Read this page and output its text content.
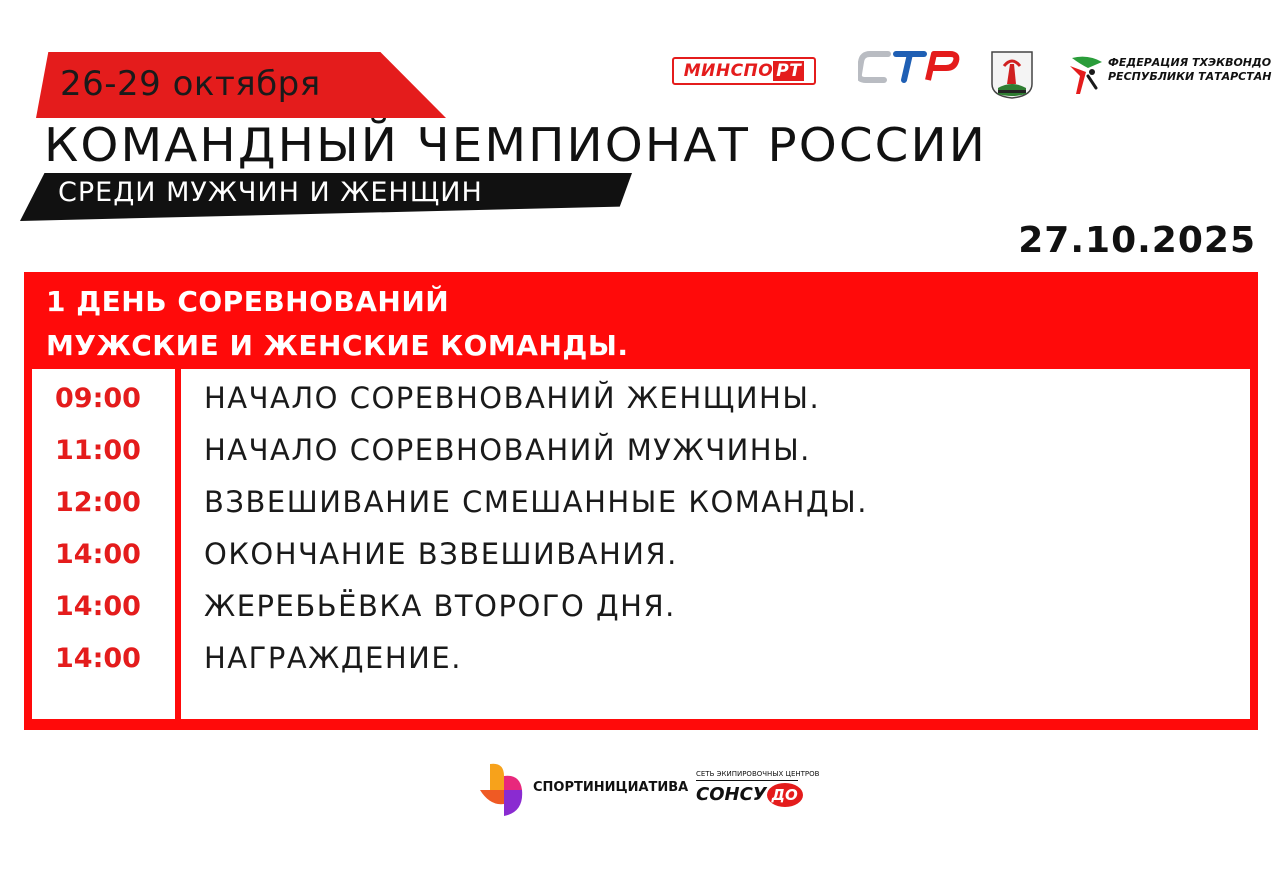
26-29 октября
КОМАНДНЫЙ ЧЕМПИОНАТ РОССИИ
СРЕДИ МУЖЧИН И ЖЕНЩИН
27.10.2025
МИНСПО РТ	ФЕДЕРАЦИЯ ТХЭКВОНДО
РЕСПУБЛИКИ ТАТАРСТАН
1 ДЕНЬ СОРЕВНОВАНИЙ
МУЖСКИЕ И ЖЕНСКИЕ КОМАНДЫ.
09:00	НАЧАЛО СОРЕВНОВАНИЙ ЖЕНЩИНЫ.
11:00	НАЧАЛО СОРЕВНОВАНИЙ МУЖЧИНЫ.
12:00	ВЗВЕШИВАНИЕ СМЕШАННЫЕ КОМАНДЫ.
14:00	ОКОНЧАНИЕ ВЗВЕШИВАНИЯ.
14:00	ЖЕРЕБЬЁВКА ВТОРОГО ДНЯ.
14:00	НАГРАЖДЕНИЕ.
СПОРТИНИЦИАТИВА
СЕТЬ ЭКИПИРОВОЧНЫХ ЦЕНТРОВ
СОНСУ ДО
